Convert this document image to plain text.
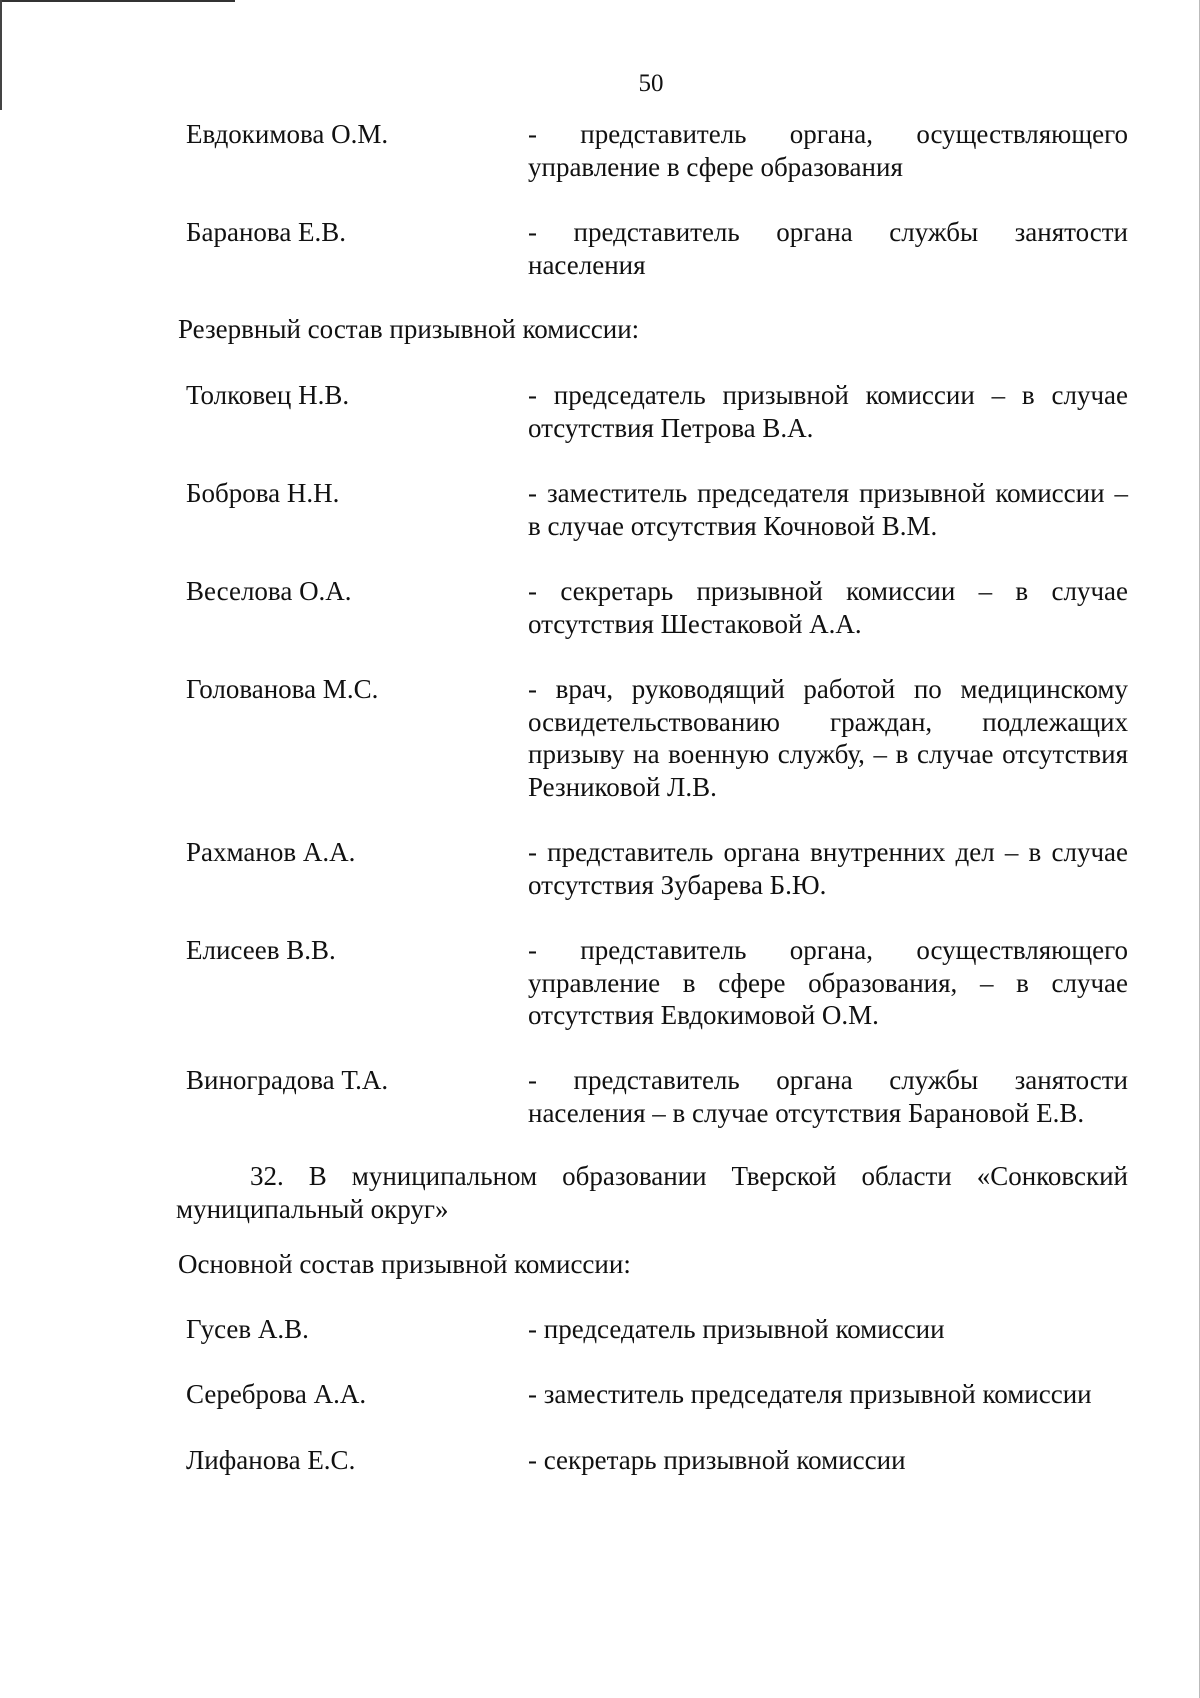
50
Евдокимова О.М.	- представитель органа, осуществляющего управление в сфере образования
Баранова Е.В.	- представитель органа службы занятости населения
Резервный состав призывной комиссии:
Толковец Н.В.	- председатель призывной комиссии – в случае отсутствия Петрова В.А.
Боброва Н.Н.	- заместитель председателя призывной комиссии – в случае отсутствия Кочновой В.М.
Веселова О.А.	- секретарь призывной комиссии – в случае отсутствия Шестаковой А.А.
Голованова М.С.	- врач, руководящий работой по медицинскому освидетельствованию граждан, подлежащих призыву на военную службу, – в случае отсутствия Резниковой Л.В.
Рахманов А.А.	- представитель органа внутренних дел – в случае отсутствия Зубарева Б.Ю.
Елисеев В.В.	- представитель органа, осуществляющего управление в сфере образования, – в случае отсутствия Евдокимовой О.М.
Виноградова Т.А.	- представитель органа службы занятости населения – в случае отсутствия Барановой Е.В.
32. В муниципальном образовании Тверской области «Сонковский муниципальный округ»
Основной состав призывной комиссии:
Гусев А.В.	- председатель призывной комиссии
Сереброва А.А.	- заместитель председателя призывной комиссии
Лифанова Е.С.	- секретарь призывной комиссии
